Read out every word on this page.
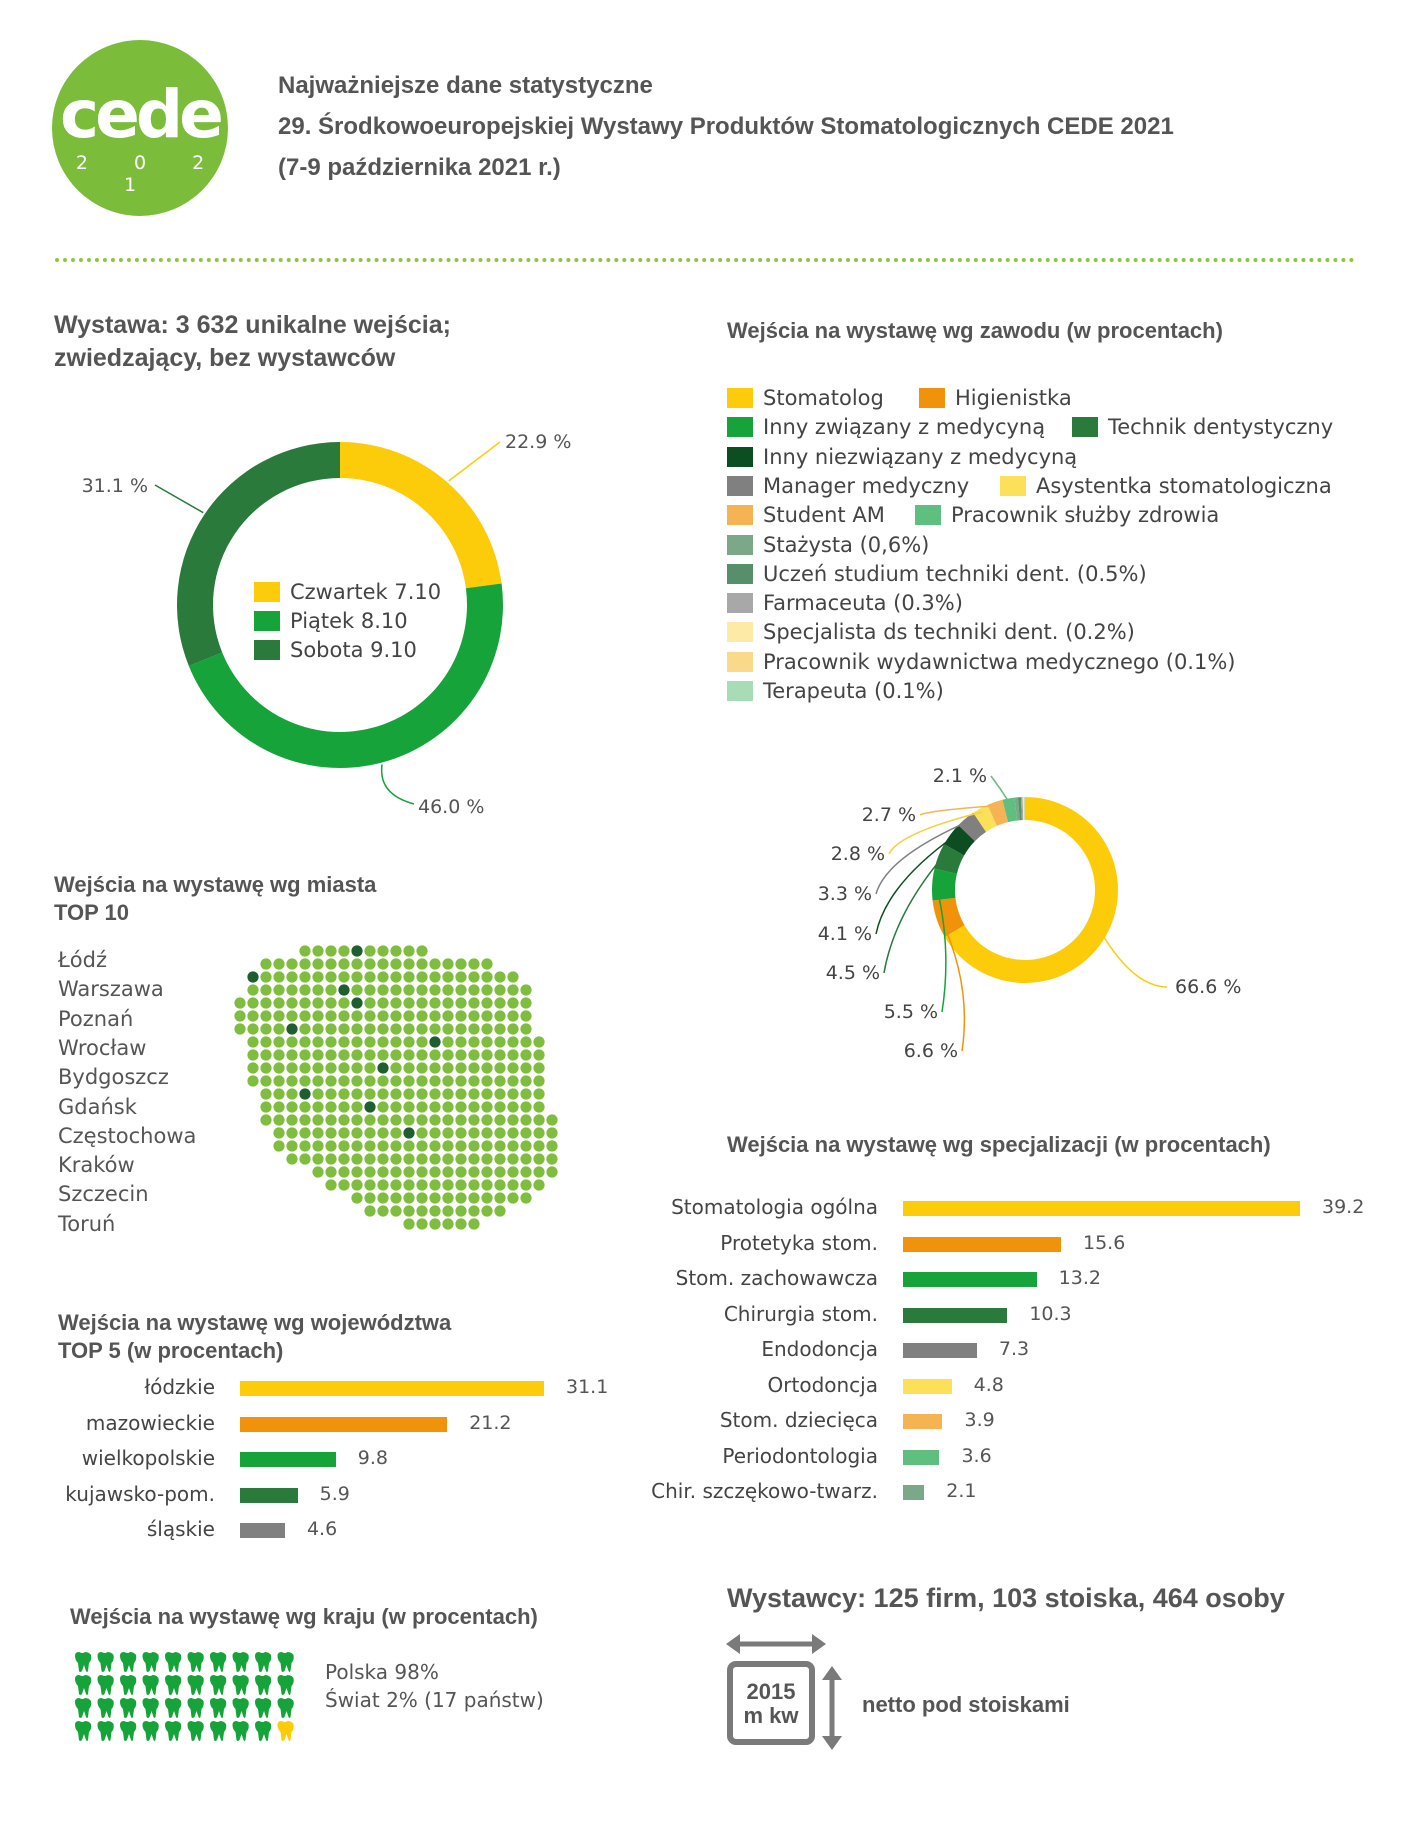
cede
2 0 2 1
Najważniejsze dane statystyczne
29. Środkowoeuropejskiej Wystawy Produktów Stomatologicznych CEDE 2021
(7-9 października 2021 r.)
Wystawa: 3 632 unikalne wejścia;
zwiedzający, bez wystawców
22.9 %
46.0 %
31.1 %
Czwartek 7.10
Piątek 8.10
Sobota 9.10
Wejścia na wystawę wg zawodu (w procentach)
Stomatolog	Higienistka
Inny związany z medycyną	Technik dentystyczny
Inny niezwiązany z medycyną
Manager medyczny	Asystentka stomatologiczna
Student AM	Pracownik służby zdrowia
Stażysta (0,6%)
Uczeń studium techniki dent. (0.5%)
Farmaceuta (0.3%)
Specjalista ds techniki dent. (0.2%)
Pracownik wydawnictwa medycznego (0.1%)
Terapeuta (0.1%)
66.6 %
6.6 %
5.5 %
4.5 %
4.1 %
3.3 %
2.8 %
2.7 %
2.1 %
Wejścia na wystawę wg miasta
TOP 10
Łódź
Warszawa
Poznań
Wrocław
Bydgoszcz
Gdańsk
Częstochowa
Kraków
Szczecin
Toruń
Wejścia na wystawę wg województwa
TOP 5 (w procentach)
łódzkie	31.1
mazowieckie	21.2
wielkopolskie	9.8
kujawsko-pom.	5.9
śląskie	4.6
Wejścia na wystawę wg specjalizacji (w procentach)
Stomatologia ogólna	39.2
Protetyka stom.	15.6
Stom. zachowawcza	13.2
Chirurgia stom.	10.3
Endodoncja	7.3
Ortodoncja	4.8
Stom. dziecięca	3.9
Periodontologia	3.6
Chir. szczękowo-twarz.	2.1
Wejścia na wystawę wg kraju (w procentach)
Polska 98%
Świat 2% (17 państw)
Wystawcy: 125 firm, 103 stoiska, 464 osoby
2015
m kw	netto pod stoiskami
